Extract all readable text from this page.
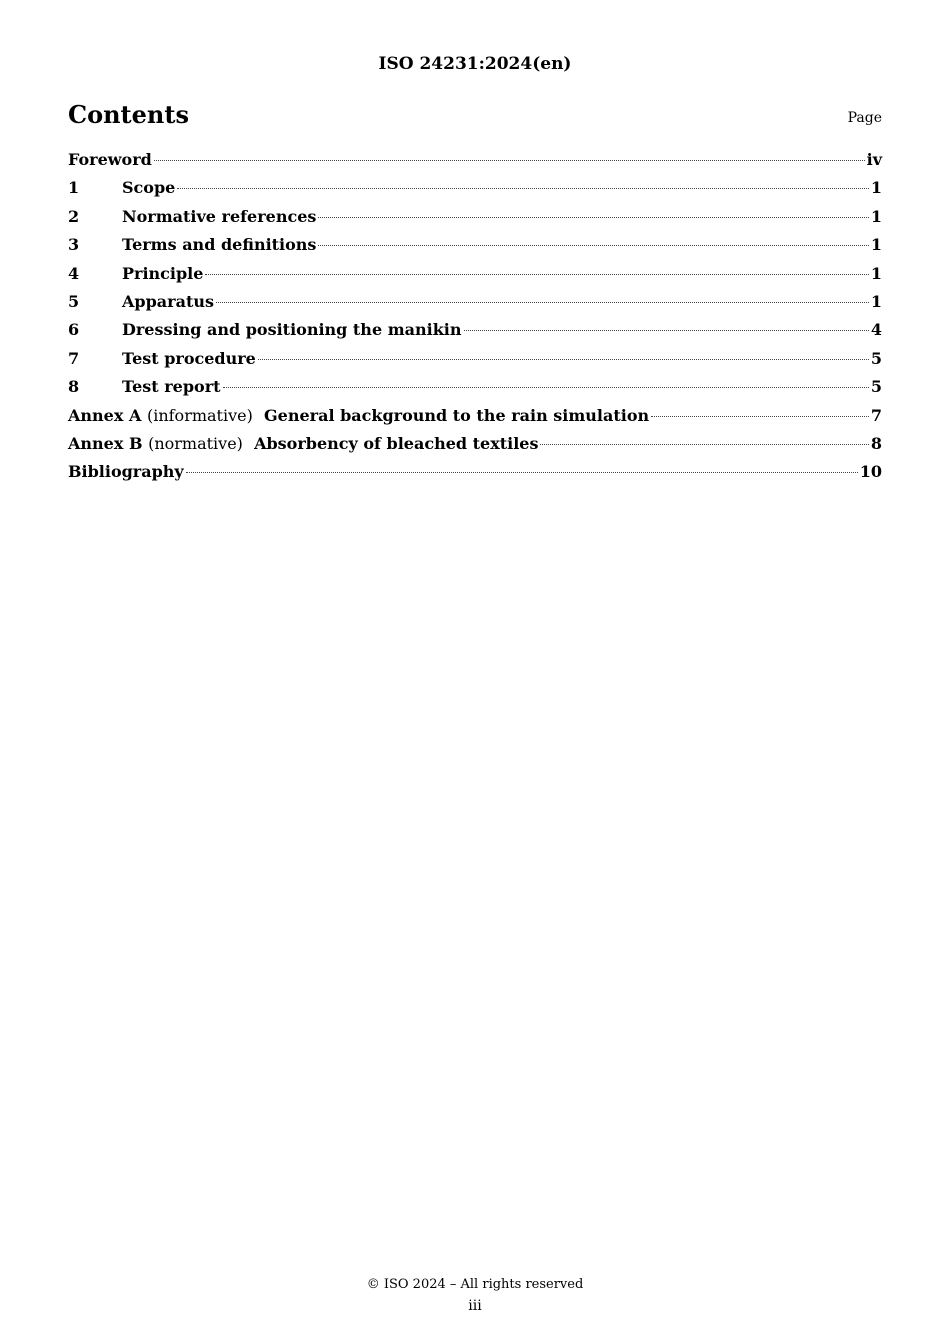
ISO 24231:2024(en)
Contents	Page
Foreword	iv
1	Scope	1
2	Normative references	1
3	Terms and definitions	1
4	Principle	1
5	Apparatus	1
6	Dressing and positioning the manikin	4
7	Test procedure	5
8	Test report	5
Annex A (informative) General background to the rain simulation	7
Annex B (normative) Absorbency of bleached textiles	8
Bibliography	10
© ISO 2024 – All rights reserved
iii
